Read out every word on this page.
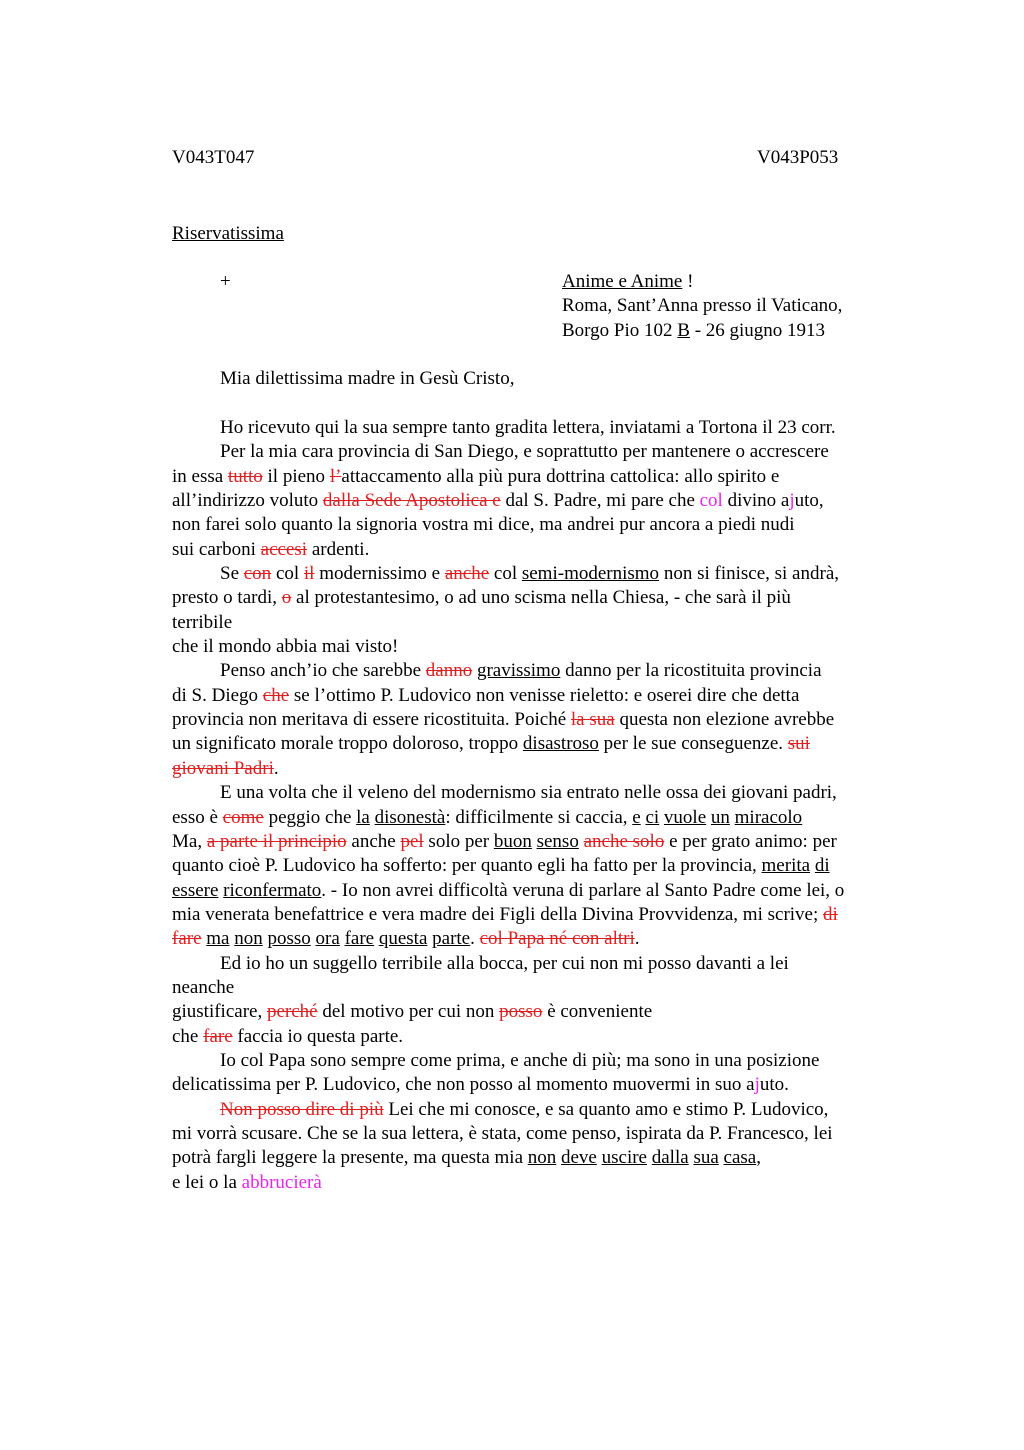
V043T047	V043P053
Riservatissima
+	Anime e Anime !
Roma, Sant’Anna presso il Vaticano,
Borgo Pio 102 B - 26 giugno 1913
Mia dilettissima madre in Gesù Cristo,
Ho ricevuto qui la sua sempre tanto gradita lettera, inviatami a Tortona il 23 corr.
Per la mia cara provincia di San Diego, e soprattutto per mantenere o accrescere
in essa tutto il pieno l’attaccamento alla più pura dottrina cattolica: allo spirito e
all’indirizzo voluto dalla Sede Apostolica e dal S. Padre, mi pare che col divino ajuto,
non farei solo quanto la signoria vostra mi dice, ma andrei pur ancora a piedi nudi
sui carboni accesi ardenti.
Se con col il modernissimo e anche col semi-modernismo non si finisce, si andrà,
presto o tardi, o al protestantesimo, o ad uno scisma nella Chiesa, - che sarà il più
terribile
che il mondo abbia mai visto!
Penso anch’io che sarebbe danno gravissimo danno per la ricostituita provincia
di S. Diego che se l’ottimo P. Ludovico non venisse rieletto: e oserei dire che detta
provincia non meritava di essere ricostituita. Poiché la sua questa non elezione avrebbe
un significato morale troppo doloroso, troppo disastroso per le sue conseguenze. sui
giovani Padri.
E una volta che il veleno del modernismo sia entrato nelle ossa dei giovani padri,
esso è come peggio che la disonestà: difficilmente si caccia, e ci vuole un miracolo
Ma, a parte il principio anche pel solo per buon senso anche solo e per grato animo: per
quanto cioè P. Ludovico ha sofferto: per quanto egli ha fatto per la provincia, merita di
essere riconfermato. - Io non avrei difficoltà veruna di parlare al Santo Padre come lei, o
mia venerata benefattrice e vera madre dei Figli della Divina Provvidenza, mi scrive; di
fare ma non posso ora fare questa parte. col Papa né con altri.
Ed io ho un suggello terribile alla bocca, per cui non mi posso davanti a lei
neanche
giustificare, perché del motivo per cui non posso è conveniente
che fare faccia io questa parte.
Io col Papa sono sempre come prima, e anche di più; ma sono in una posizione
delicatissima per P. Ludovico, che non posso al momento muovermi in suo ajuto.
Non posso dire di più Lei che mi conosce, e sa quanto amo e stimo P. Ludovico,
mi vorrà scusare. Che se la sua lettera, è stata, come penso, ispirata da P. Francesco, lei
potrà fargli leggere la presente, ma questa mia non deve uscire dalla sua casa,
e lei o la abbrucierà
